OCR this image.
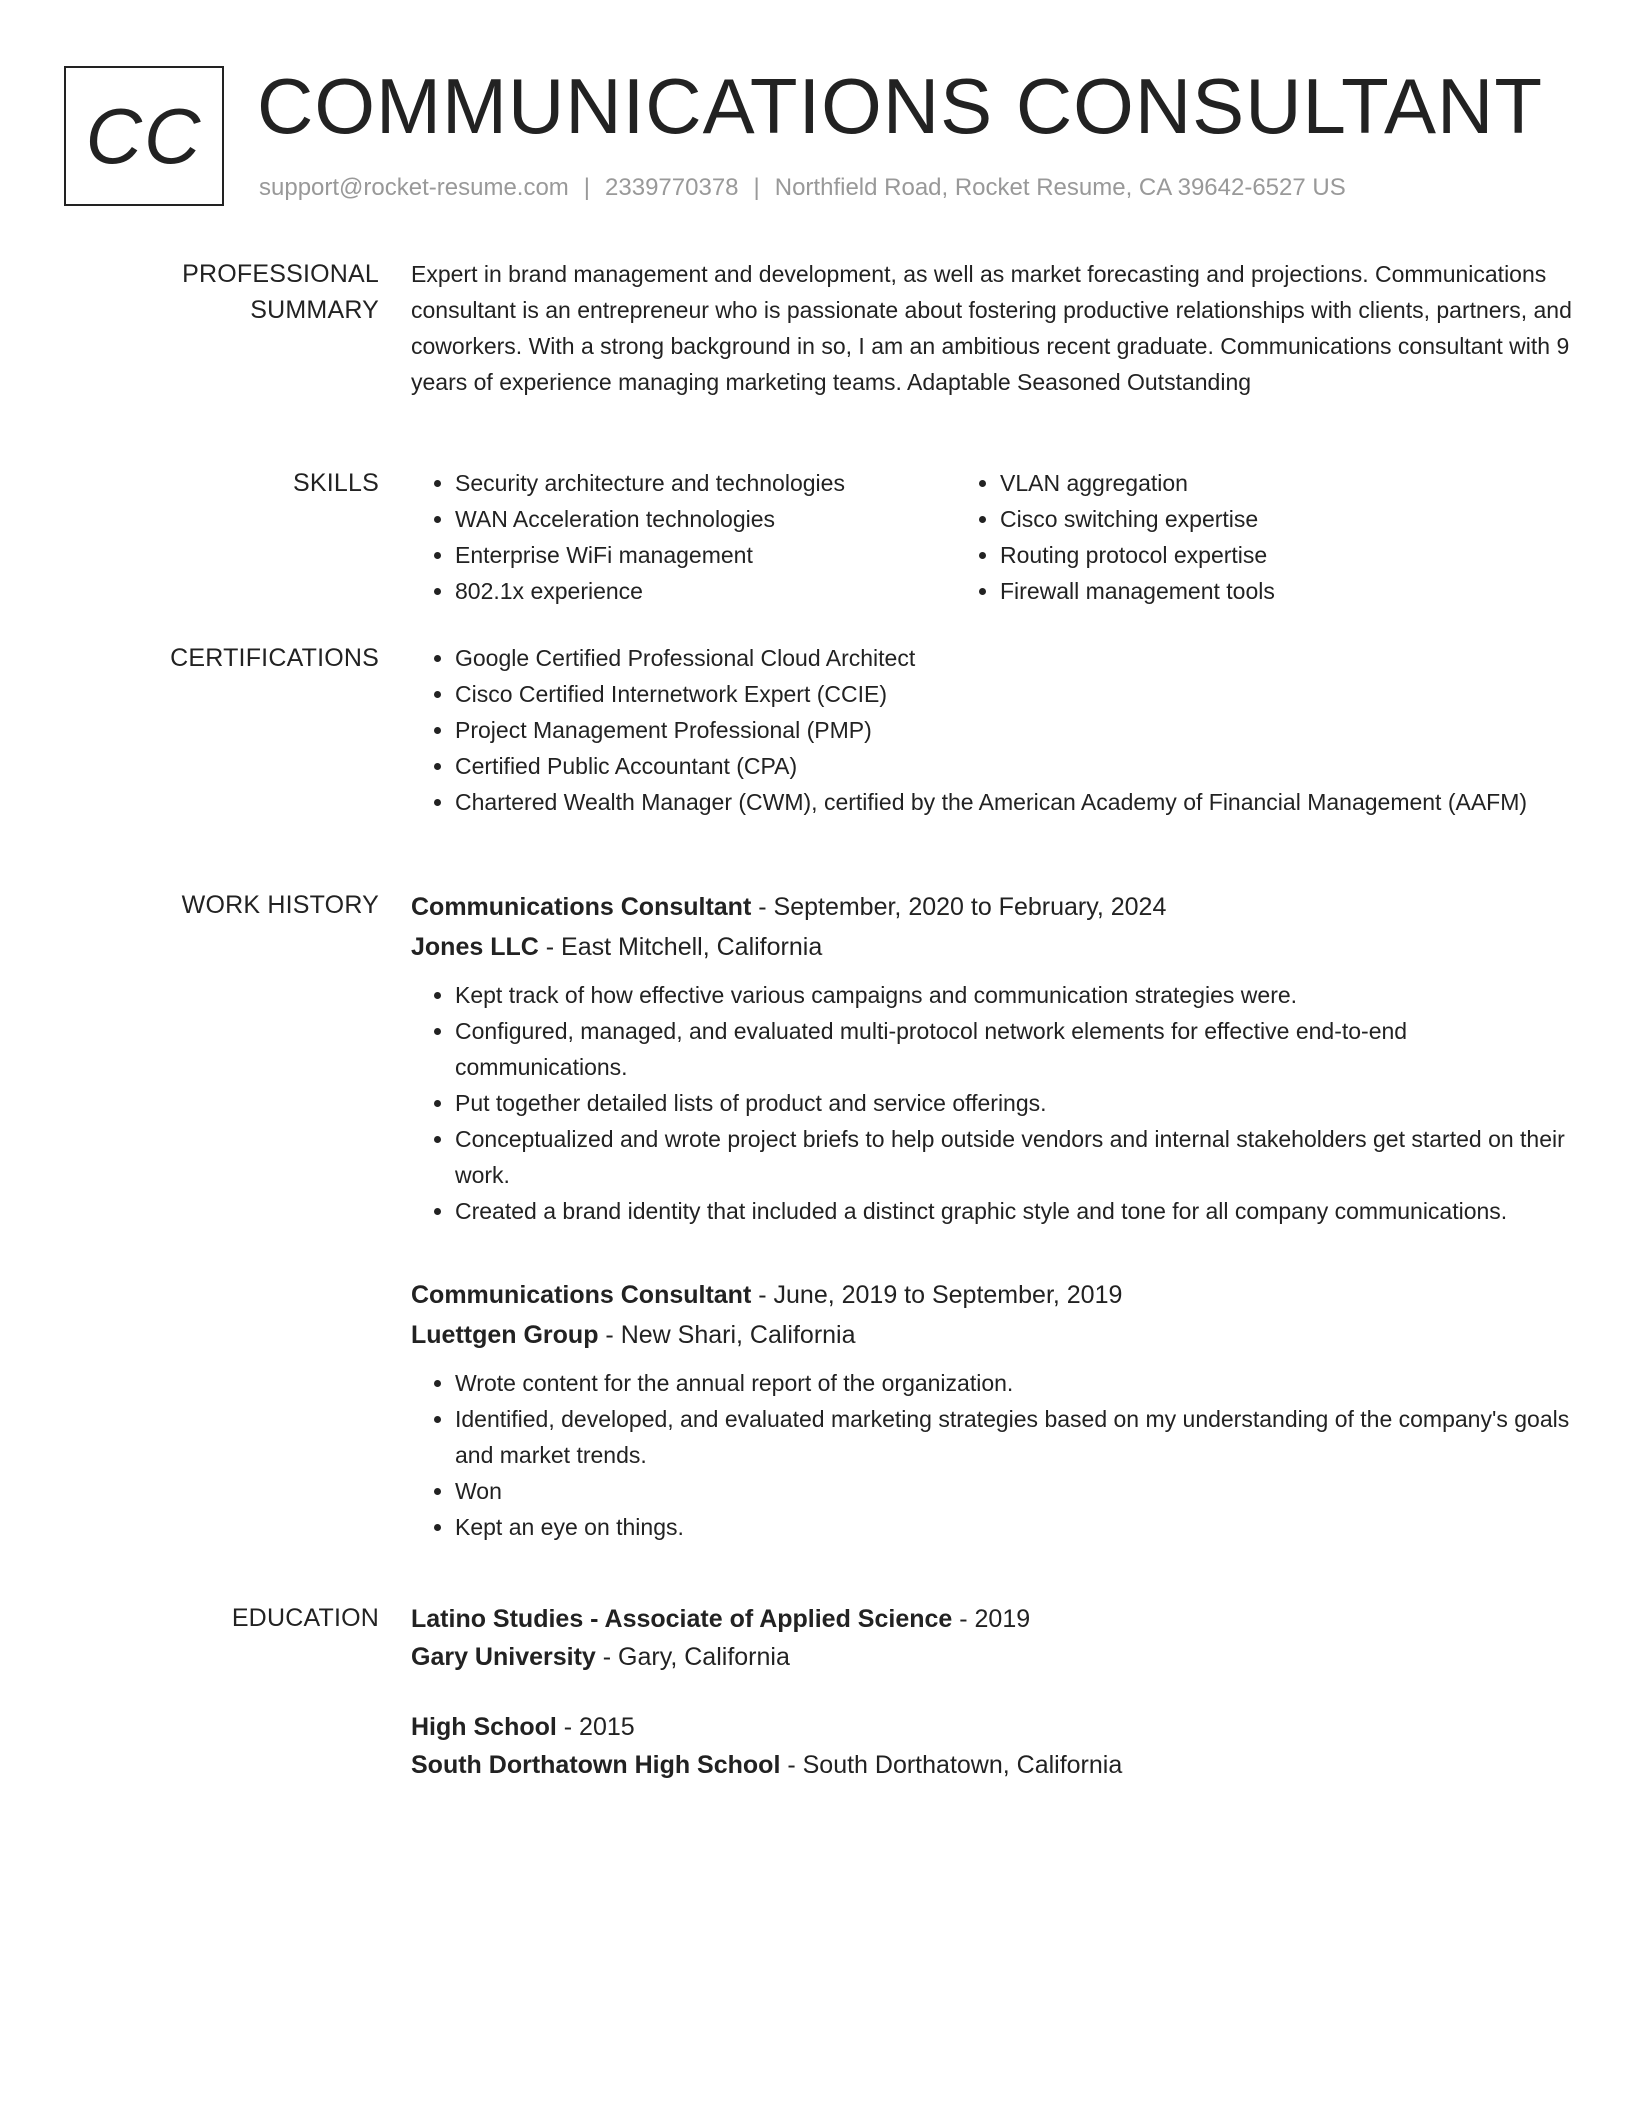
CC COMMUNICATIONS CONSULTANT
support@rocket-resume.com | 2339770378 | Northfield Road, Rocket Resume, CA 39642-6527 US
PROFESSIONAL SUMMARY

Expert in brand management and development, as well as market forecasting and projections. Communications consultant is an entrepreneur who is passionate about fostering productive relationships with clients, partners, and coworkers. With a strong background in so, I am an ambitious recent graduate. Communications consultant with 9 years of experience managing marketing teams. Adaptable Seasoned Outstanding

SKILLS	• Security architecture and technologies
• WAN Acceleration technologies
• Enterprise WiFi management
• 802.1x experience
• VLAN aggregation
• Cisco switching expertise
• Routing protocol expertise
• Firewall management tools
CERTIFICATIONS	• Google Certified Professional Cloud Architect
• Cisco Certified Internetwork Expert (CCIE)
• Project Management Professional (PMP)
• Certified Public Accountant (CPA)
• Chartered Wealth Manager (CWM), certified by the American Academy of Financial Management (AAFM)
WORK HISTORY	Communications Consultant - September, 2020 to February, 2024
Jones LLC - East Mitchell, California
• Kept track of how effective various campaigns and communication strategies were.
• Configured, managed, and evaluated multi-protocol network elements for effective end-to-end communications.
• Put together detailed lists of product and service offerings.
• Conceptualized and wrote project briefs to help outside vendors and internal stakeholders get started on their work.
• Created a brand identity that included a distinct graphic style and tone for all company communications.
Communications Consultant - June, 2019 to September, 2019
Luettgen Group - New Shari, California
• Wrote content for the annual report of the organization.
• Identified, developed, and evaluated marketing strategies based on my understanding of the company's goals and market trends.
• Won
• Kept an eye on things.
EDUCATION	Latino Studies - Associate of Applied Science - 2019
Gary University - Gary, California
High School - 2015
South Dorthatown High School - South Dorthatown, California
